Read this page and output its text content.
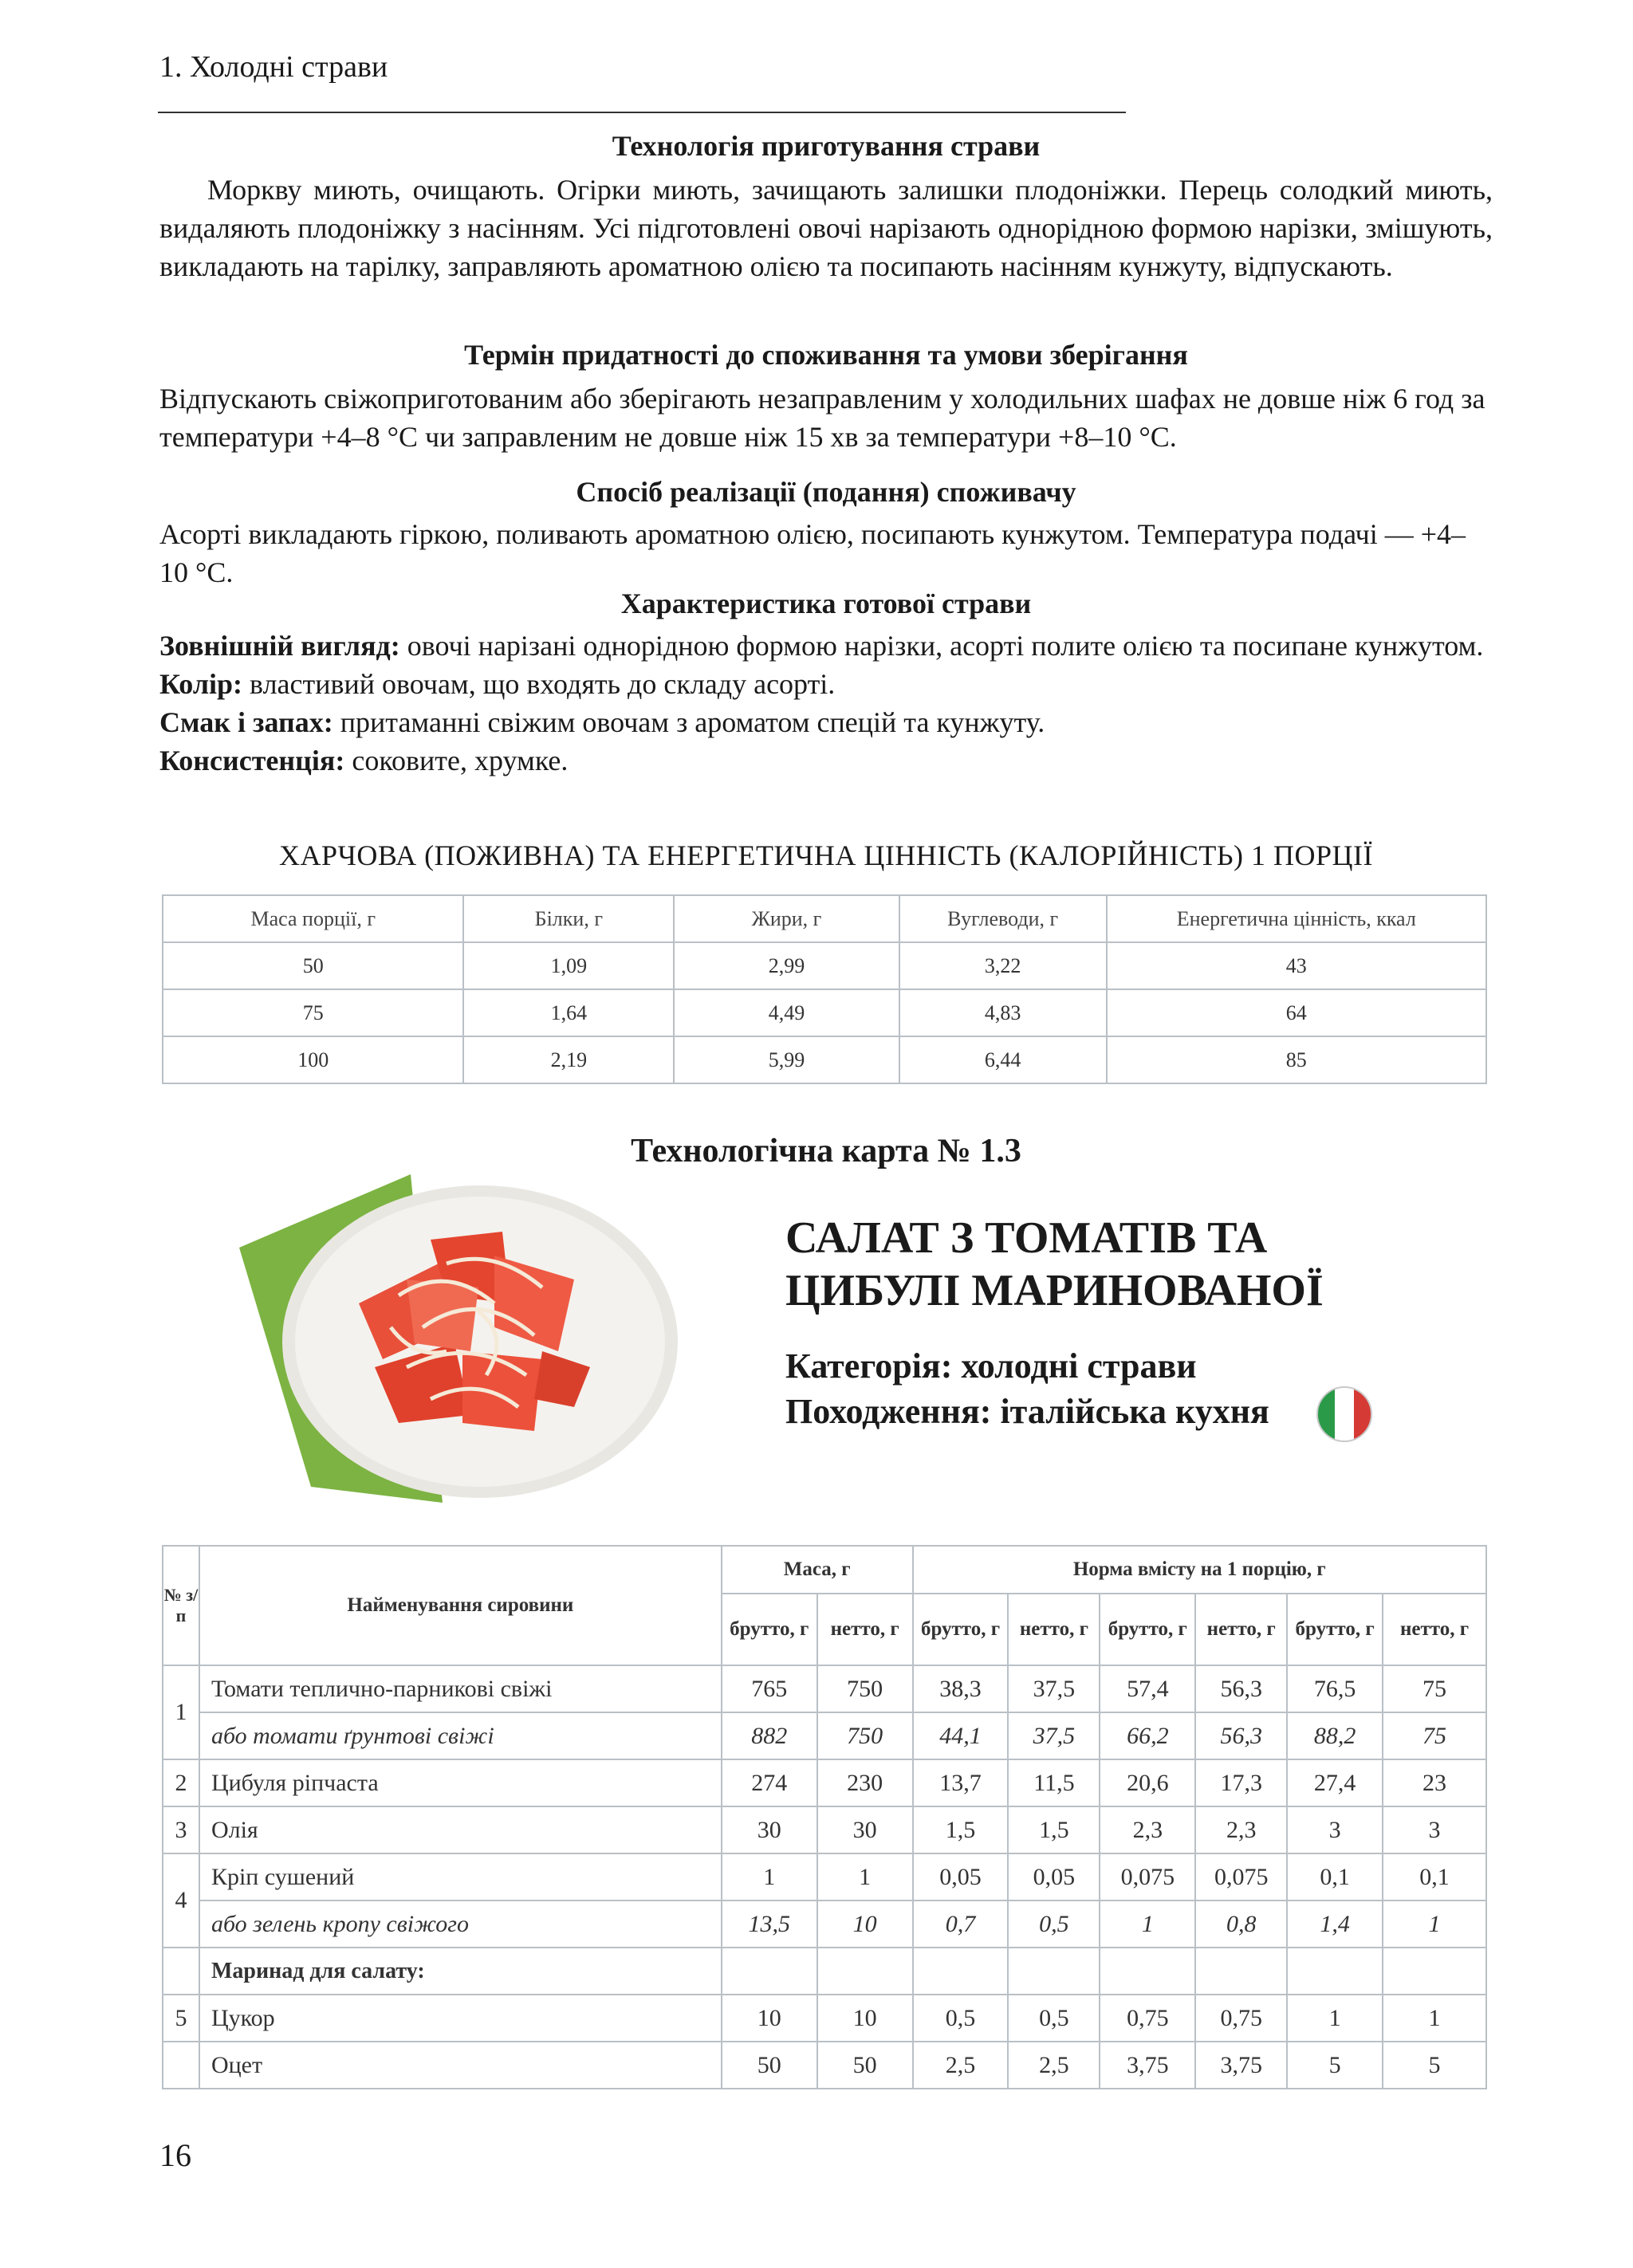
1. Холодні страви
Технологія приготування страви
Моркву миють, очищають. Огірки миють, зачищають залишки плодоніжки. Перець солодкий миють, видаляють плодоніжку з насінням. Усі підготовлені овочі нарізають однорідною формою нарізки, змішують, викладають на тарілку, заправляють ароматною олією та посипають насінням кунжуту, відпускають.
Термін придатності до споживання та умови зберігання
Відпускають свіжоприготованим або зберігають незаправленим у холодильних шафах не довше ніж 6 год за температури +4–8 °С чи заправленим не довше ніж 15 хв за температури +8–10 °С.
Спосіб реалізації (подання) споживачу
Асорті викладають гіркою, поливають ароматною олією, посипають кунжутом. Температура подачі — +4–10 °С.
Характеристика готової страви
Зовнішній вигляд: овочі нарізані однорідною формою нарізки, асорті полите олією та посипане кунжутом.
Колір: властивий овочам, що входять до складу асорті.
Смак і запах: притаманні свіжим овочам з ароматом спецій та кунжуту.
Консистенція: соковите, хрумке.
ХАРЧОВА (ПОЖИВНА) ТА ЕНЕРГЕТИЧНА ЦІННІСТЬ (КАЛОРІЙНІСТЬ) 1 ПОРЦІЇ
Маса порції, г	Білки, г	Жири, г	Вуглеводи, г	Енергетична цінність, ккал
50	1,09	2,99	3,22	43
75	1,64	4,49	4,83	64
100	2,19	5,99	6,44	85
Технологічна карта № 1.3
САЛАТ З ТОМАТІВ ТА
ЦИБУЛІ МАРИНОВАНОЇ
Категорія: холодні страви
Походження: італійська кухня
№ з/ п	Найменування сировини	Маса, г		Норма вмісту на 1 порцію, г					
		брутто, г	нетто, г	брутто, г	нетто, г	брутто, г	нетто, г	брутто, г	нетто, г
1	Томати теплично-парникові свіжі	765	750	38,3	37,5	57,4	56,3	76,5	75
	або томати ґрунтові свіжі	882	750	44,1	37,5	66,2	56,3	88,2	75
2	Цибуля ріпчаста	274	230	13,7	11,5	20,6	17,3	27,4	23
3	Олія	30	30	1,5	1,5	2,3	2,3	3	3
4	Кріп сушений	1	1	0,05	0,05	0,075	0,075	0,1	0,1
	або зелень кропу свіжого	13,5	10	0,7	0,5	1	0,8	1,4	1
	Маринад для салату:								
5	Цукор	10	10	0,5	0,5	0,75	0,75	1	1
	Оцет	50	50	2,5	2,5	3,75	3,75	5	5
16
